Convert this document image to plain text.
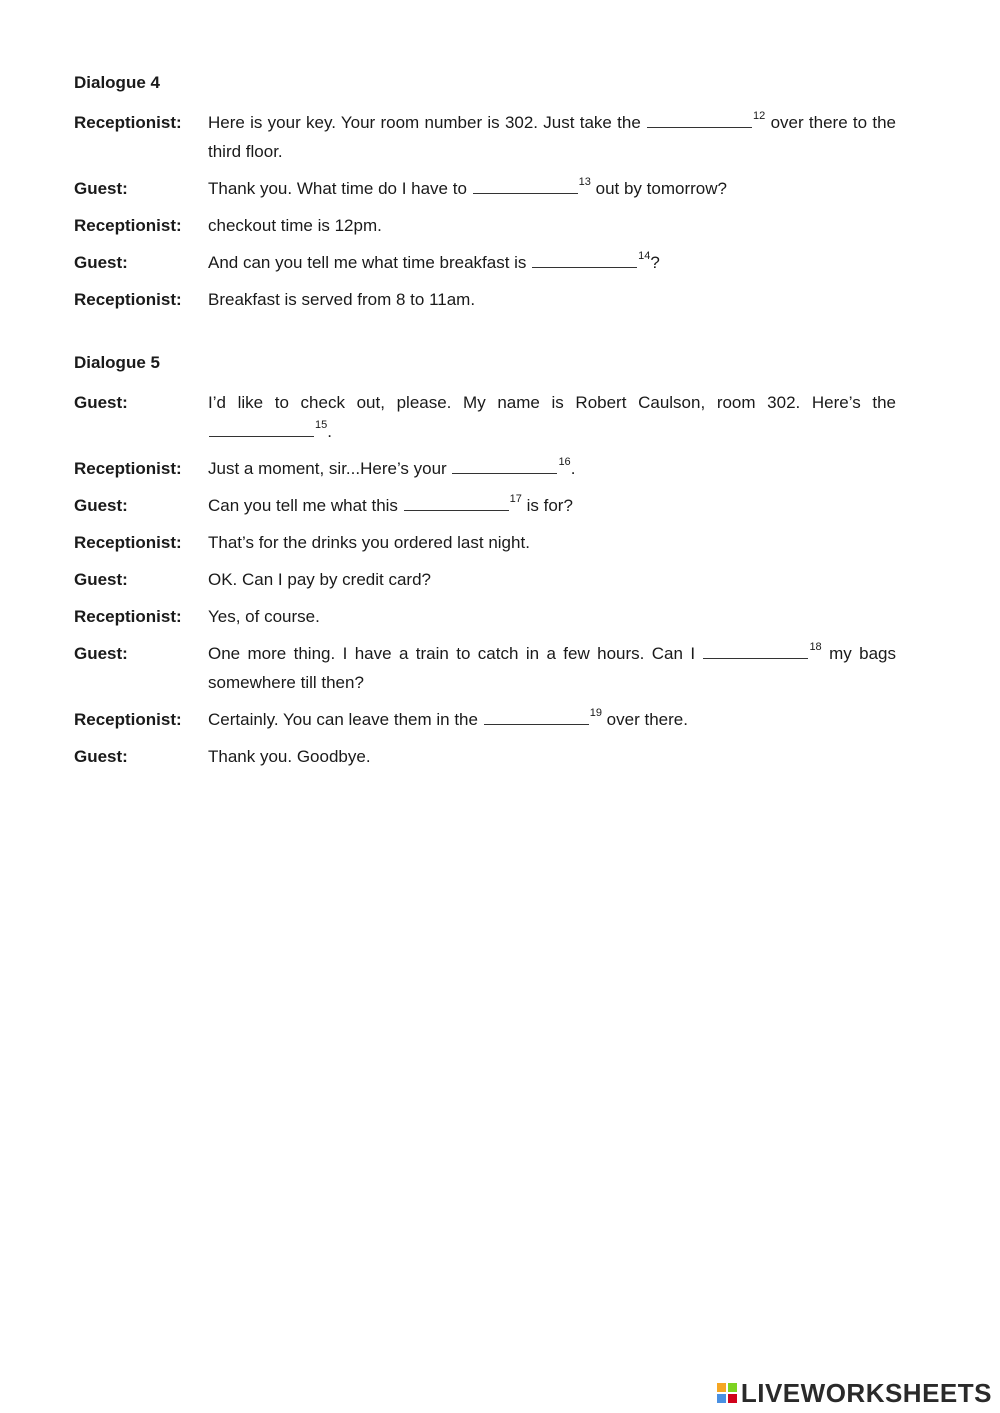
Dialogue 4
Receptionist:	Here is your key. Your room number is 302. Just take the	$^{12}$ over there to the third floor.
Guest:	Thank you. What time do I have to	$^{13}$ out by tomorrow?
Receptionist:	checkout time is 12pm.
Guest:	And can you tell me what time breakfast is	$^{14}$?
Receptionist:	Breakfast is served from 8 to 11am.
Dialogue 5
Guest:	I’d like to check out, please. My name is Robert Caulson, room 302. Here’s the $^{15}$.
Receptionist:	Just a moment, sir...Here’s your	$^{16}$.
Guest:	Can you tell me what this	$^{17}$ is for?
Receptionist:	That’s for the drinks you ordered last night.
Guest:	OK. Can I pay by credit card?
Receptionist:	Yes, of course.
Guest:	One more thing. I have a train to catch in a few hours. Can I	$^{18}$ my bags somewhere till then?
Receptionist:	Certainly. You can leave them in the	$^{19}$ over there.
Guest:	Thank you. Goodbye.
LIVEWORKSHEETS
